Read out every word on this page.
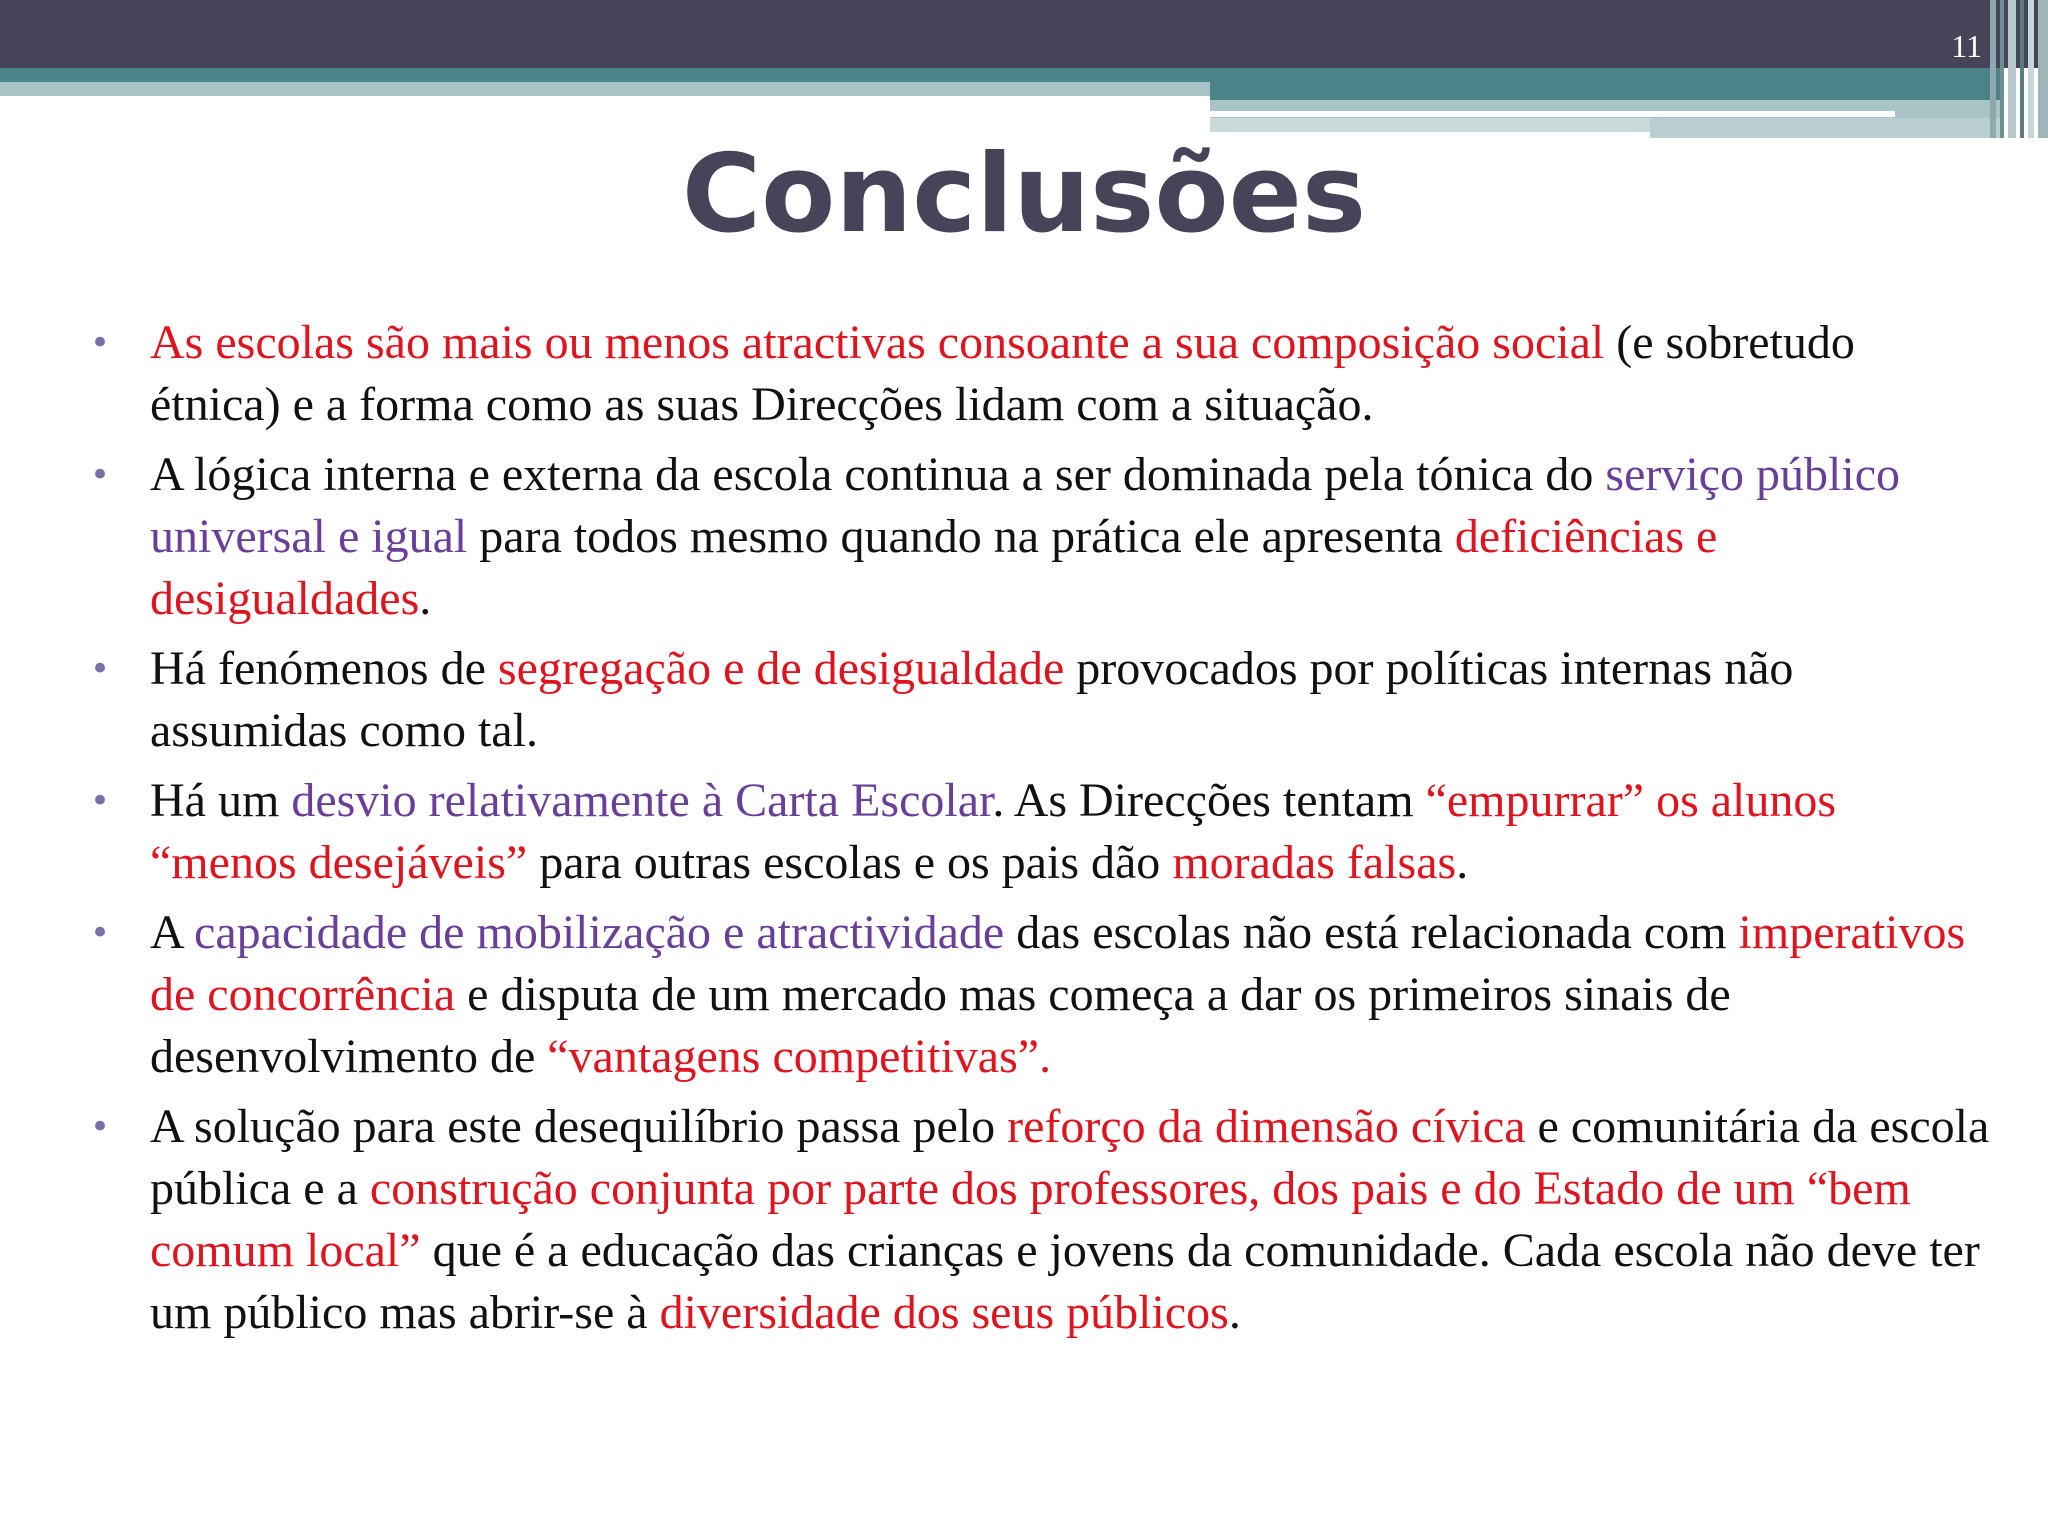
11
Conclusões
• As escolas são mais ou menos atractivas consoante a sua composição social (e sobretudo étnica) e a forma como as suas Direcções lidam com a situação.
• A lógica interna e externa da escola continua a ser dominada pela tónica do serviço público universal e igual para todos mesmo quando na prática ele apresenta deficiências e desigualdades.
• Há fenómenos de segregação e de desigualdade provocados por políticas internas não assumidas como tal.
• Há um desvio relativamente à Carta Escolar. As Direcções tentam “empurrar” os alunos “menos desejáveis” para outras escolas e os pais dão moradas falsas.
• A capacidade de mobilização e atractividade das escolas não está relacionada com imperativos de concorrência e disputa de um mercado mas começa a dar os primeiros sinais de desenvolvimento de “vantagens competitivas”.
• A solução para este desequilíbrio passa pelo reforço da dimensão cívica e comunitária da escola pública e a construção conjunta por parte dos professores, dos pais e do Estado de um “bem comum local” que é a educação das crianças e jovens da comunidade. Cada escola não deve ter um público mas abrir-se à diversidade dos seus públicos.
